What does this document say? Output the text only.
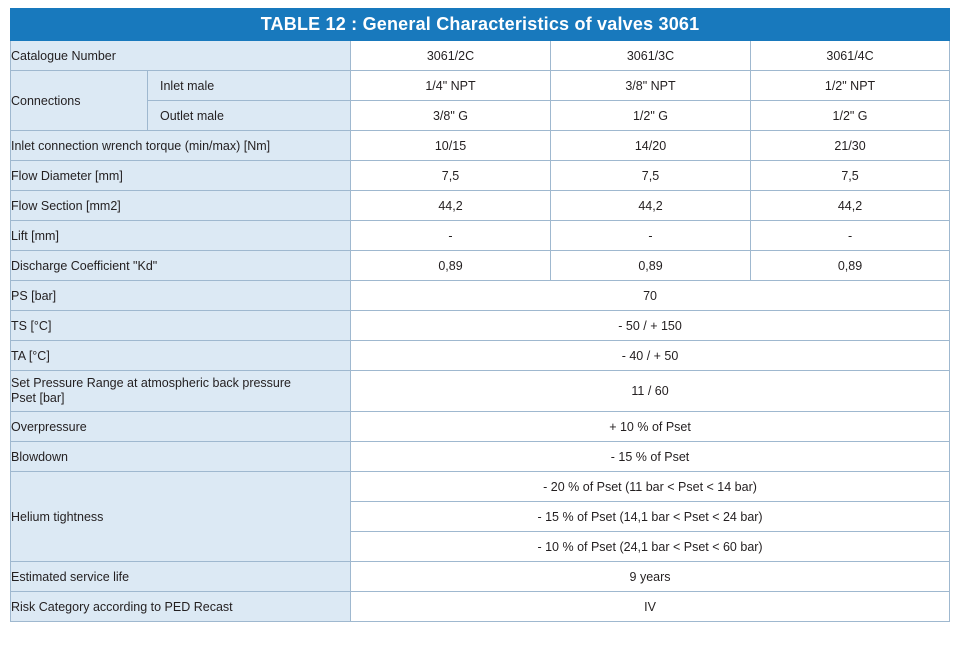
TABLE 12 : General Characteristics of valves 3061				
Catalogue Number		3061/2C	3061/3C	3061/4C
Connections	Inlet male	1/4" NPT	3/8" NPT	1/2" NPT
	Outlet male	3/8" G	1/2" G	1/2" G
Inlet connection wrench torque (min/max) [Nm]		10/15	14/20	21/30
Flow Diameter [mm]		7,5	7,5	7,5
Flow Section [mm2]		44,2	44,2	44,2
Lift [mm]		-	-	-
Discharge Coefficient "Kd"		0,89	0,89	0,89
PS [bar]		70		
TS [°C]		- 50 / + 150		
TA [°C]		- 40 / + 50		

Set Pressure Range at atmospheric back pressure
Pset [bar]		11 / 60		
Overpressure		+ 10 % of Pset		
Blowdown		- 15 % of Pset		
Helium tightness		- 20 % of Pset (11 bar < Pset < 14 bar)		
		- 15 % of Pset (14,1 bar < Pset < 24 bar)		
		- 10 % of Pset (24,1 bar < Pset < 60 bar)		
Estimated service life		9 years		
Risk Category according to PED Recast		IV		
